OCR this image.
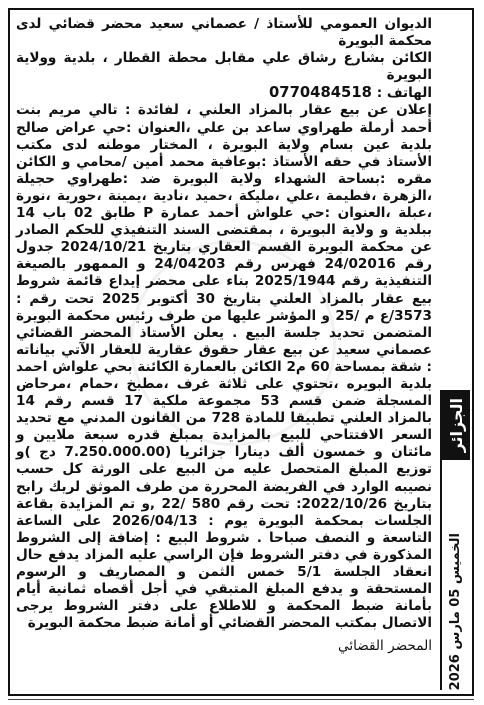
الديوان العمومي للأستاذ / عصماني سعيد محضر قضائي لدى محكمة البويرة

الكائن بشارع رشاق علي مقابل محطة القطار ، بلدية وولاية البويرة

الهاتف : 0770484518

إعلان عن بيع عقار بالمزاد العلني ، لفائدة : تالي مريم بنت أحمد أرملة طهراوي ساعد بن علي ،العنوان :حي عراض صالح بلدية عين بسام ولاية البويرة ، المختار موطنه لدى مكتب الأستاذ في حقه الأستاذ :بوعافية محمد أمين /محامي و الكائن مقره :بساحة الشهداء ولاية البويرة ضد :طهراوي حجيلة ،الزهرة ،فطيمة ،علي ،مليكة ،حميد ،نادية ،يمينة ،حورية ،نورة ،عبلة ،العنوان :حي علواش أحمد عمارة P طابق 02 باب 14 ببلدية و ولاية البويرة ، بمقتضى السند التنفيذي للحكم الصادر عن محكمة البويرة القسم العقاري بتاريخ 2024/10/21 جدول رقم 24/02016 فهرس رقم 24/04203 و الممهور بالصيغة التنفيذية رقم 2025/1944 بناء على محضر إيداع قائمة شروط بيع عقار بالمزاد العلني بتاريخ 30 أكتوبر 2025 تحت رقم : 3573/ع م /25 و المؤشر عليها من طرف رئيس محكمة البويرة المتضمن تحديد جلسة البيع . يعلن الأستاذ المحضر القضائي عصماني سعيد عن بيع عقار حقوق عقارية للعقار الآتي بياناته : شقة بمساحة 60 م2 الكائن بالعمارة الكائنة بحي علواش احمد بلدية البويره ،تحتوي على ثلاثة غرف ،مطبخ ،حمام ،مرحاض المسجلة ضمن قسم 53 مجموعة ملكية 17 قسم رقم 14 بالمزاد العلني تطبيقا للمادة 728 من القانون المدني مع تحديد السعر الافتتاحي للبيع بالمزايدة بمبلغ قدره سبعة ملايين و مائتان و خمسون ألف دينارا جزائريا (7.250.000.00 دج )و توزيع المبلغ المتحصل عليه من البيع على الورثة كل حسب نصيبه الوارد في الفريضة المحررة من طرف الموثق لريك رابح بتاريخ 2022/10/26: تحت رقم 580 /22 ,و تم المزايدة بقاعة الجلسات بمحكمة البويرة يوم : 2026/04/13 على الساعة التاسعة و النصف صباحا . شروط البيع : إضافة إلى الشروط المذكورة في دفتر الشروط فإن الراسي عليه المزاد يدفع حال انعقاد الجلسة 5/1 خمس الثمن و المصاريف و الرسوم المستحقة و يدفع المبلغ المتبقي في أجل أقصاه ثمانية أيام بأمانة ضبط المحكمة و للاطلاع على دفتر الشروط يرجى الاتصال بمكتب المحضر القضائي أو أمانة ضبط محكمة البويرة

المحضر القضائي

الجزائر
الخميس 05 مارس 2026
